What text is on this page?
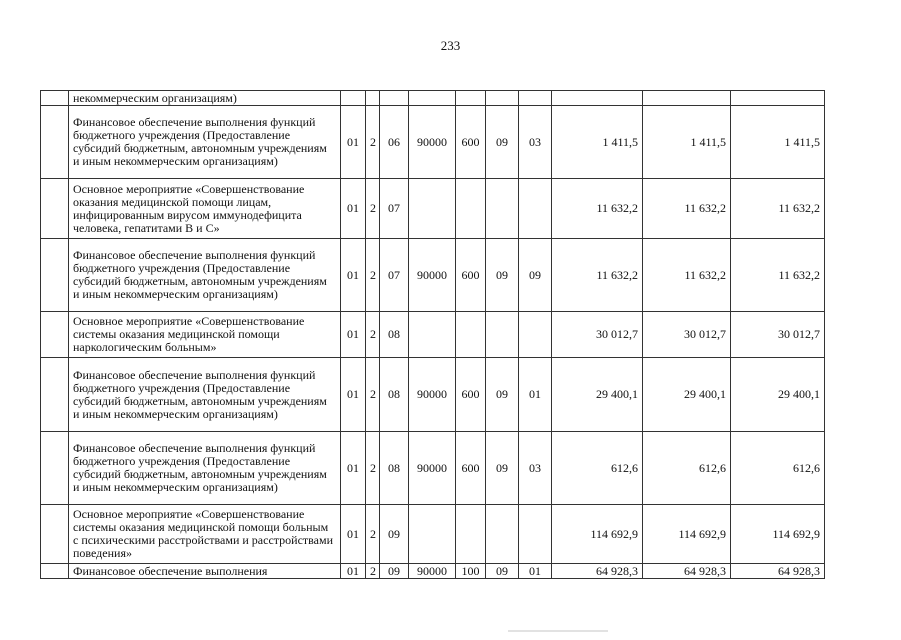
233
	некоммерческим организациям)										
	Финансовое обеспечение выполнения функций бюджетного учреждения (Предоставление субсидий бюджетным, автономным учреждениям и иным некоммерческим организациям)	01	2	06	90000	600	09	03	1 411,5	1 411,5	1 411,5
	Основное мероприятие «Совершенствование оказания медицинской помощи лицам, инфицированным вирусом иммунодефицита человека, гепатитами В и С»	01	2	07					11 632,2	11 632,2	11 632,2
	Финансовое обеспечение выполнения функций бюджетного учреждения (Предоставление субсидий бюджетным, автономным учреждениям и иным некоммерческим организациям)	01	2	07	90000	600	09	09	11 632,2	11 632,2	11 632,2
	Основное мероприятие «Совершенствование системы оказания медицинской помощи наркологическим больным»	01	2	08					30 012,7	30 012,7	30 012,7
	Финансовое обеспечение выполнения функций бюджетного учреждения (Предоставление субсидий бюджетным, автономным учреждениям и иным некоммерческим организациям)	01	2	08	90000	600	09	01	29 400,1	29 400,1	29 400,1
	Финансовое обеспечение выполнения функций бюджетного учреждения (Предоставление субсидий бюджетным, автономным учреждениям и иным некоммерческим организациям)	01	2	08	90000	600	09	03	612,6	612,6	612,6
	Основное мероприятие «Совершенствование системы оказания медицинской помощи больным с психическими расстройствами и расстройствами поведения»	01	2	09					114 692,9	114 692,9	114 692,9
	Финансовое обеспечение выполнения	01	2	09	90000	100	09	01	64 928,3	64 928,3	64 928,3
